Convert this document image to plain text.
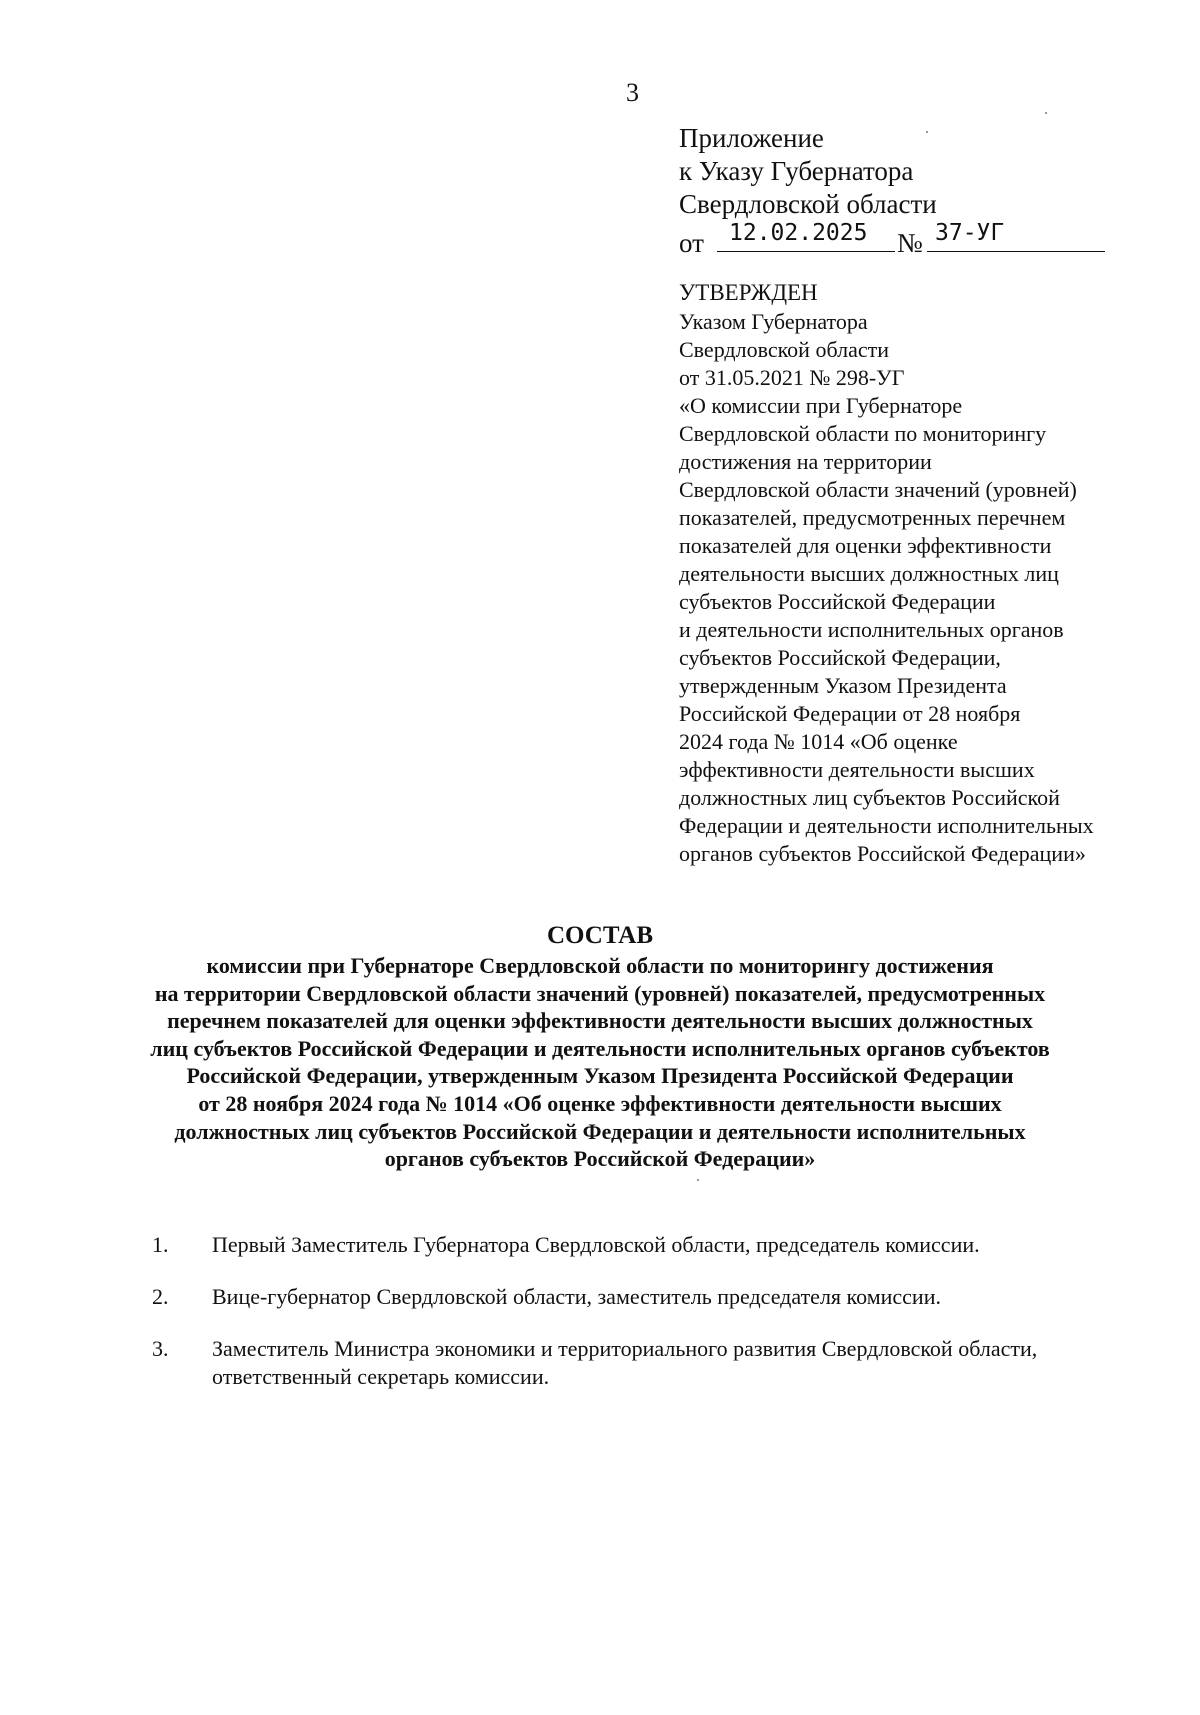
3
Приложение
к Указу Губернатора
Свердловской области
от 12.02.2025 № 37-УГ
УТВЕРЖДЕН
Указом Губернатора
Свердловской области
от 31.05.2021 № 298-УГ
«О комиссии при Губернаторе
Свердловской области по мониторингу
достижения на территории
Свердловской области значений (уровней)
показателей, предусмотренных перечнем
показателей для оценки эффективности
деятельности высших должностных лиц
субъектов Российской Федерации
и деятельности исполнительных органов
субъектов Российской Федерации,
утвержденным Указом Президента
Российской Федерации от 28 ноября
2024 года № 1014 «Об оценке
эффективности деятельности высших
должностных лиц субъектов Российской
Федерации и деятельности исполнительных
органов субъектов Российской Федерации»
СОСТАВ
комиссии при Губернаторе Свердловской области по мониторингу достижения
на территории Свердловской области значений (уровней) показателей, предусмотренных
перечнем показателей для оценки эффективности деятельности высших должностных
лиц субъектов Российской Федерации и деятельности исполнительных органов субъектов
Российской Федерации, утвержденным Указом Президента Российской Федерации
от 28 ноября 2024 года № 1014 «Об оценке эффективности деятельности высших
должностных лиц субъектов Российской Федерации и деятельности исполнительных
органов субъектов Российской Федерации»
1. Первый Заместитель Губернатора Свердловской области, председатель комиссии.
2. Вице-губернатор Свердловской области, заместитель председателя комиссии.
3. Заместитель Министра экономики и территориального развития Свердловской области, ответственный секретарь комиссии.
